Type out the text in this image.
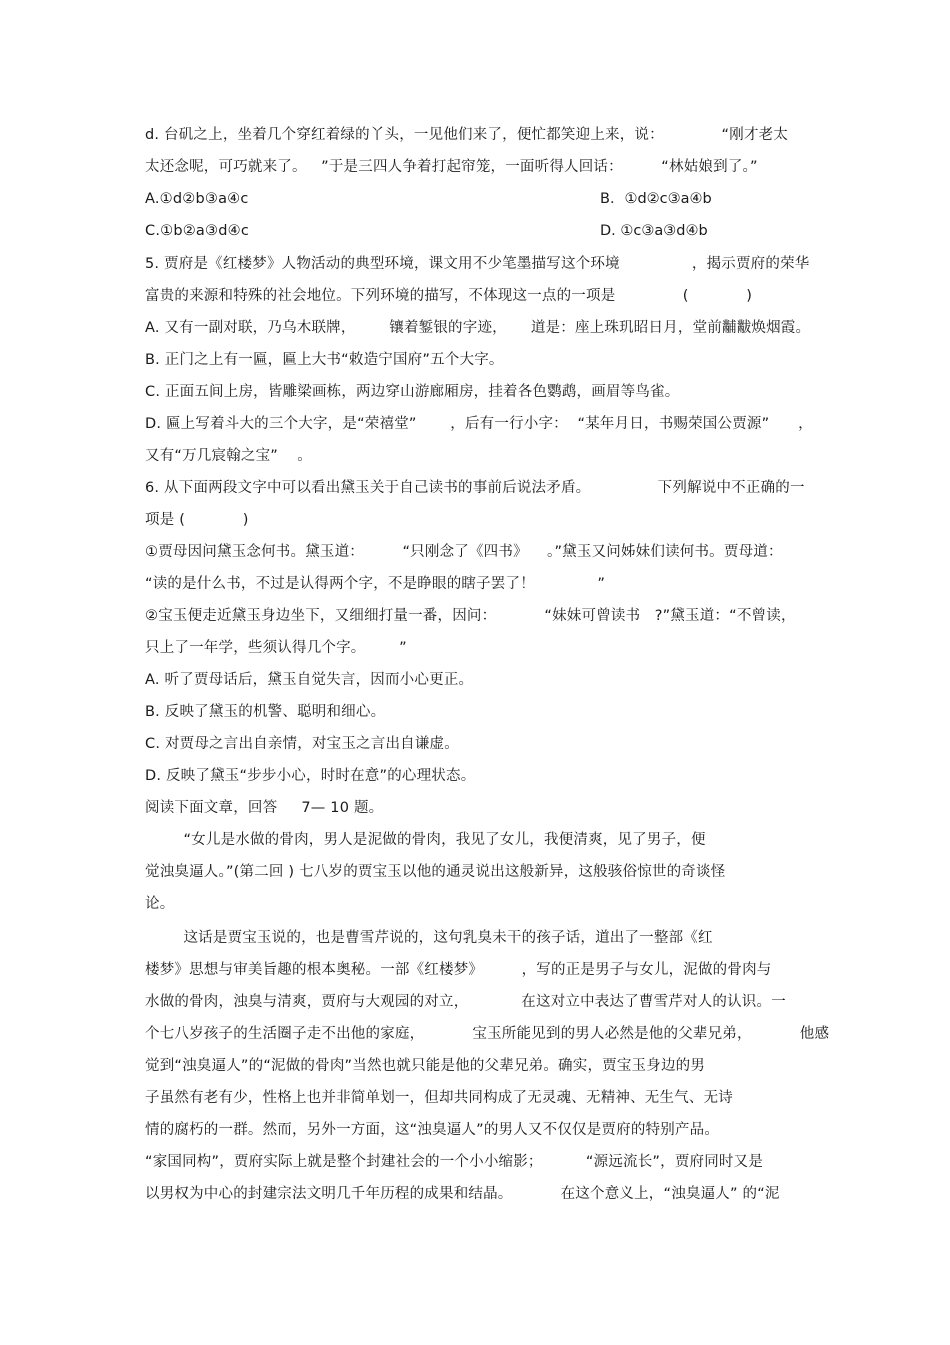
d. 台矶之上，坐着几个穿红着绿的丫头，一见他们来了，便忙都笑迎上来，说：            “刚才老太
太还念呢，可巧就来了。   ”于是三四人争着打起帘笼，一面听得人回话：        “林姑娘到了。”
A.①d②b③a④c	B．①d②c③a④b
C.①b②a③d④c	D. ①c③a③d④b
5. 贾府是《红楼梦》人物活动的典型环境，课文用不少笔墨描写这个环境               ，揭示贾府的荣华
富贵的来源和特殊的社会地位。下列环境的描写，不体现这一点的一项是              (            )
A. 又有一副对联，乃乌木联牌，       镶着錾银的字迹，     道是：座上珠玑昭日月，堂前黼黻焕烟霞。
B. 正门之上有一匾，匾上大书“敕造宁国府”五个大字。
C. 正面五间上房，皆雕梁画栋，两边穿山游廊厢房，挂着各色鹦鹉，画眉等鸟雀。
D. 匾上写着斗大的三个大字，是“荣禧堂”       ，后有一行小字：  “某年月日，书赐荣国公贾源”      ，
又有“万几宸翰之宝”    。
6. 从下面两段文字中可以看出黛玉关于自己读书的事前后说法矛盾。              下列解说中不正确的一
项是 (            )
①贾母因问黛玉念何书。黛玉道：        “只刚念了《四书》    。”黛玉又问姊妹们读何书。贾母道：
“读的是什么书，不过是认得两个字，不是睁眼的瞎子罢了！             ”
②宝玉便走近黛玉身边坐下，又细细打量一番，因问：          “妹妹可曾读书   ?”黛玉道：“不曾读，
只上了一年学，些须认得几个字。       ”
A. 听了贾母话后，黛玉自觉失言，因而小心更正。
B. 反映了黛玉的机警、聪明和细心。
C. 对贾母之言出自亲情，对宝玉之言出自谦虚。
D. 反映了黛玉“步步小心，时时在意”的心理状态。
阅读下面文章，回答     7— 10 题。
“女儿是水做的骨肉，男人是泥做的骨肉，我见了女儿，我便清爽，见了男子，便
觉浊臭逼人。”(第二回 ) 七八岁的贾宝玉以他的通灵说出这般新异，这般骇俗惊世的奇谈怪
论。
这话是贾宝玉说的，也是曹雪芹说的，这句乳臭未干的孩子话，道出了一整部《红
楼梦》思想与审美旨趣的根本奥秘。一部《红楼梦》        ，写的正是男子与女儿，泥做的骨肉与
水做的骨肉，浊臭与清爽，贾府与大观园的对立，           在这对立中表达了曹雪芹对人的认识。一
个七八岁孩子的生活圈子走不出他的家庭，          宝玉所能见到的男人必然是他的父辈兄弟，          他感
觉到“浊臭逼人”的“泥做的骨肉”当然也就只能是他的父辈兄弟。确实，贾宝玉身边的男
子虽然有老有少，性格上也并非简单划一，但却共同构成了无灵魂、无精神、无生气、无诗
情的腐朽的一群。然而，另外一方面，这“浊臭逼人”的男人又不仅仅是贾府的特别产品。
“家国同构”，贾府实际上就是整个封建社会的一个小小缩影；         “源远流长”，贾府同时又是
以男权为中心的封建宗法文明几千年历程的成果和结晶。          在这个意义上，“浊臭逼人” 的“泥
